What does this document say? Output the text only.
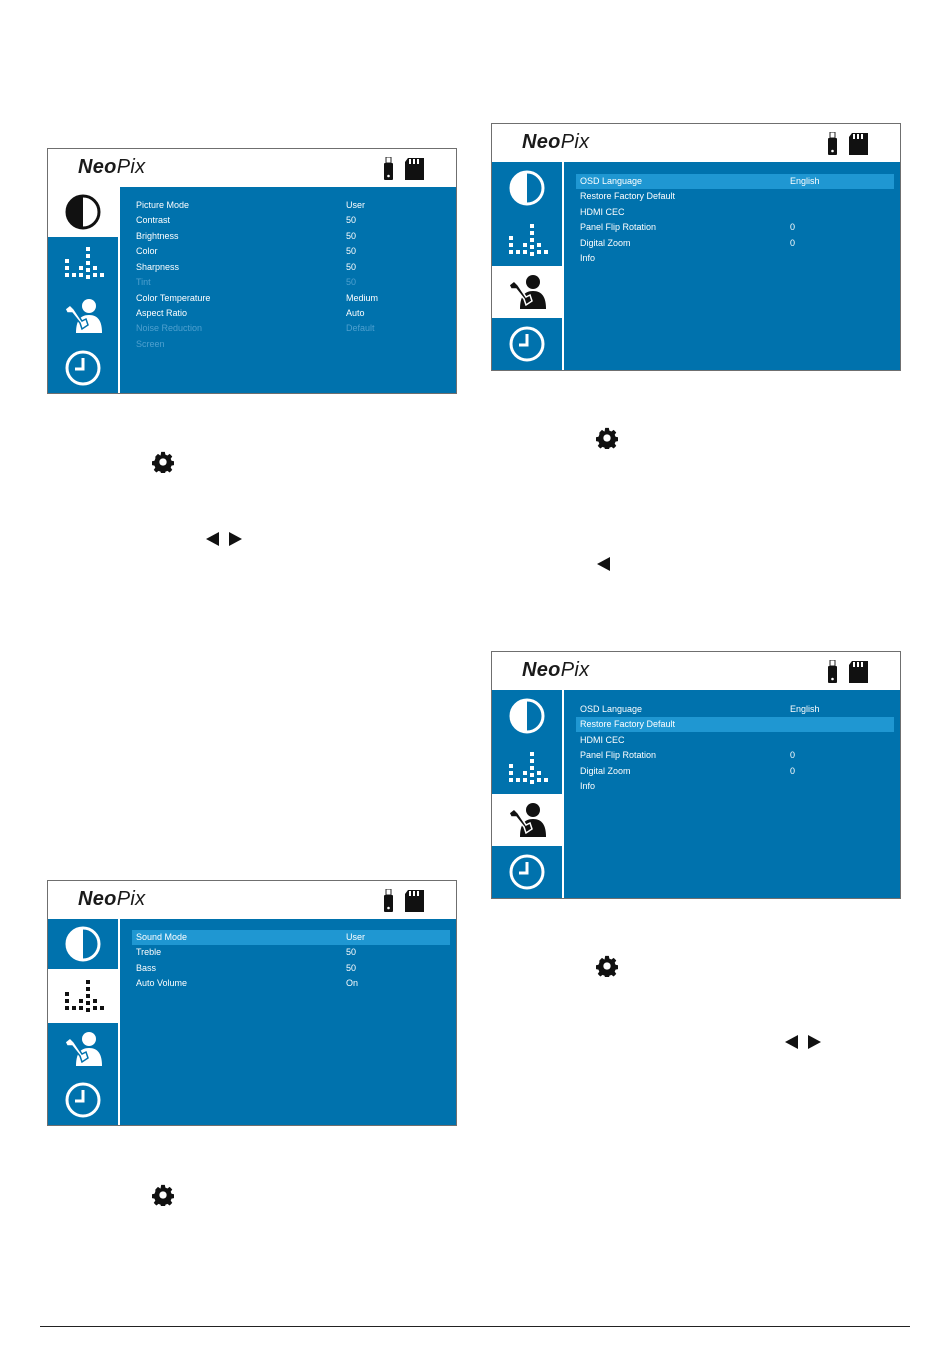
NeoPix
Picture Mode	User
Contrast	50
Brightness	50
Color	50
Sharpness	50
Tint	50
Color Temperature	Medium
Aspect Ratio	Auto
Noise Reduction	Default
Screen
NeoPix
Sound Mode	User
Treble	50
Bass	50
Auto Volume	On
NeoPix
OSD Language	English
Restore Factory Default
HDMI CEC
Panel Flip Rotation	0
Digital Zoom	0
Info
NeoPix
OSD Language	English
Restore Factory Default
HDMI CEC
Panel Flip Rotation	0
Digital Zoom	0
Info
